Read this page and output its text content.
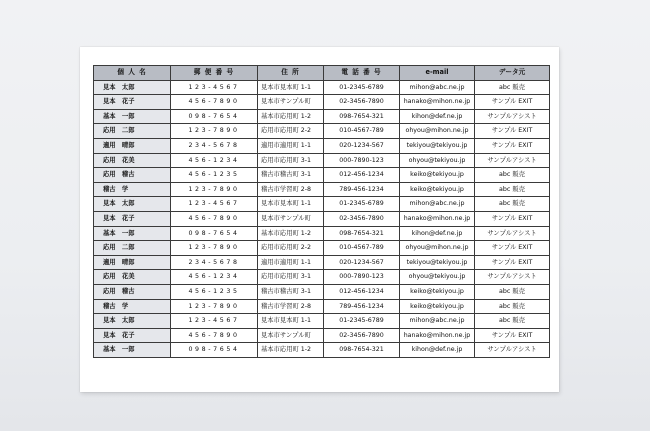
個 人 名	郵 便 番 号	住 所	電 話 番 号	e-mail	データ元
見本　太郎	123-4567	見本市見本町 1-1	01-2345-6789	mihon@abc.ne.jp	abc 販売
見本　花子	456-7890	見本市サンプル町	02-3456-7890	hanako@mihon.ne.jp	サンプル EXIT
基本　一郎	098-7654	基本市応用町 1-2	098-7654-321	kihon@def.ne.jp	サンプルアシスト
応用　二郎	123-7890	応用市応用町 2-2	010-4567-789	ohyou@mihon.ne.jp	サンプル EXIT
適用　晴郎	234-5678	適用市適用町 1-1	020-1234-567	tekiyou@tekiyou.jp	サンプル EXIT
応用　花美	456-1234	応用市応用町 3-1	000-7890-123	ohyou@tekiyou.jp	サンプルアシスト
応用　稽古	456-1235	稽古市稽古町 3-1	012-456-1234	keiko@tekiyou.jp	abc 販売
稽古　学	123-7890	稽古市学習町 2-8	789-456-1234	keiko@tekiyou.jp	abc 販売
見本　太郎	123-4567	見本市見本町 1-1	01-2345-6789	mihon@abc.ne.jp	abc 販売
見本　花子	456-7890	見本市サンプル町	02-3456-7890	hanako@mihon.ne.jp	サンプル EXIT
基本　一郎	098-7654	基本市応用町 1-2	098-7654-321	kihon@def.ne.jp	サンプルアシスト
応用　二郎	123-7890	応用市応用町 2-2	010-4567-789	ohyou@mihon.ne.jp	サンプル EXIT
適用　晴郎	234-5678	適用市適用町 1-1	020-1234-567	tekiyou@tekiyou.jp	サンプル EXIT
応用　花美	456-1234	応用市応用町 3-1	000-7890-123	ohyou@tekiyou.jp	サンプルアシスト
応用　稽古	456-1235	稽古市稽古町 3-1	012-456-1234	keiko@tekiyou.jp	abc 販売
稽古　学	123-7890	稽古市学習町 2-8	789-456-1234	keiko@tekiyou.jp	abc 販売
見本　太郎	123-4567	見本市見本町 1-1	01-2345-6789	mihon@abc.ne.jp	abc 販売
見本　花子	456-7890	見本市サンプル町	02-3456-7890	hanako@mihon.ne.jp	サンプル EXIT
基本　一郎	098-7654	基本市応用町 1-2	098-7654-321	kihon@def.ne.jp	サンプルアシスト
